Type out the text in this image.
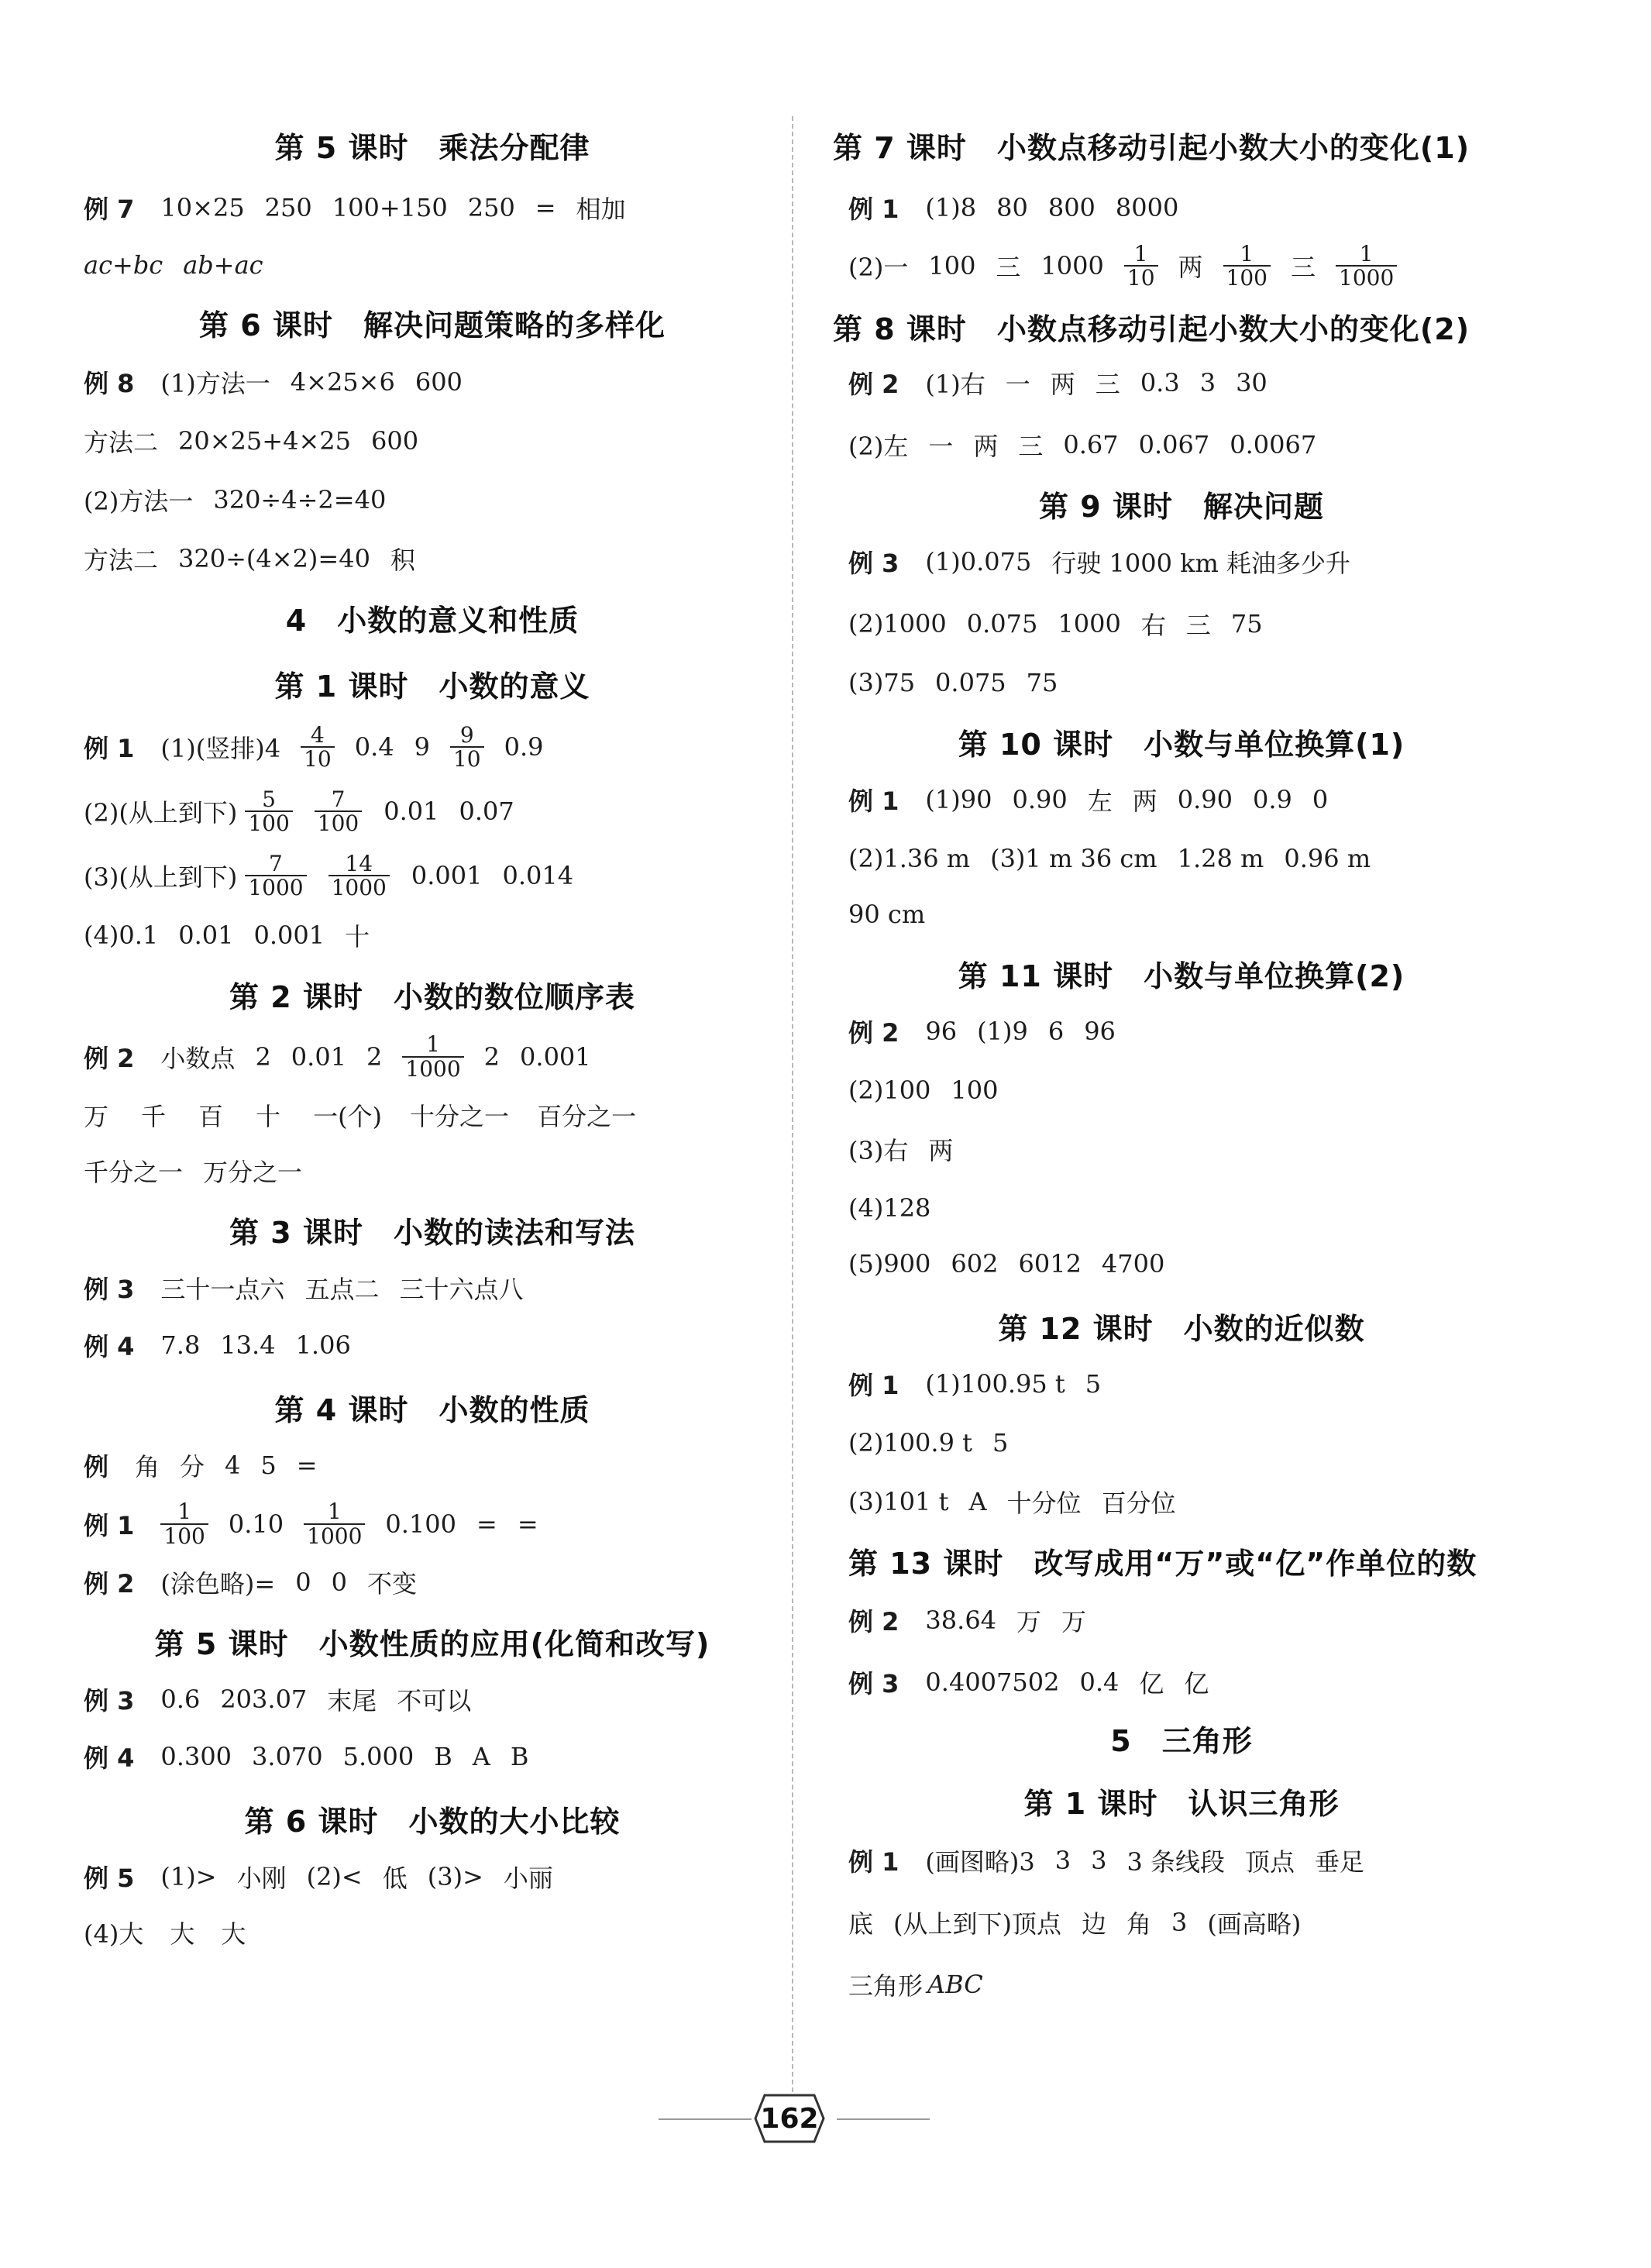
第 5 课时　乘法分配律

例 7 10×25 250 100+150 250 = 相加

ac+bc ab+ac

第 6 课时　解决问题策略的多样化

例 8 (1)方法一 4×25×6 600

方法二 20×25+4×25 600

(2)方法一 320÷4÷2=40

方法二 320÷(4×2)=40 积

4　小数的意义和性质

第 1 课时　小数的意义

例 1 (1)(竖排)4 4
10 0.4 9 9
10 0.9

(2)(从上到下) 5
100
7
100 0.01 0.07

(3)(从上到下) 7
1000
14
1000 0.001 0.014

(4)0.1 0.01 0.001 十

第 2 课时　小数的数位顺序表

例 2 小数点 2 0.01 2 1
1000 2 0.001

万 千 百 十 一(个) 十分之一 百分之一

千分之一 万分之一

第 3 课时　小数的读法和写法

例 3 三十一点六 五点二 三十六点八

例 4 7.8 13.4 1.06

第 4 课时　小数的性质

例 角 分 4 5 =

例 1 1
100 0.10 1
1000 0.100 = =

例 2 (涂色略)= 0 0 不变

第 5 课时　小数性质的应用(化简和改写)

例 3 0.6 203.07 末尾 不可以

例 4 0.300 3.070 5.000 B A B

第 6 课时　小数的大小比较

例 5 (1)> 小刚 (2)< 低 (3)> 小丽

(4)大 大 大

第 7 课时　小数点移动引起小数大小的变化(1)

例 1 (1)8 80 800 8000

(2)一 100 三 1000 1
10 两 1
100 三 1
1000

第 8 课时　小数点移动引起小数大小的变化(2)

例 2 (1)右 一 两 三 0.3 3 30

(2)左 一 两 三 0.67 0.067 0.0067

第 9 课时　解决问题

例 3 (1)0.075 行驶 1000 km 耗油多少升

(2)1000 0.075 1000 右 三 75

(3)75 0.075 75

第 10 课时　小数与单位换算(1)

例 1 (1)90 0.90 左 两 0.90 0.9 0

(2)1.36 m (3)1 m 36 cm 1.28 m 0.96 m

90 cm

第 11 课时　小数与单位换算(2)

例 2 96 (1)9 6 96

(2)100 100

(3)右 两

(4)128

(5)900 602 6012 4700

第 12 课时　小数的近似数

例 1 (1)100.95 t 5

(2)100.9 t 5

(3)101 t A 十分位 百分位

第 13 课时　改写成用“万”或“亿”作单位的数

例 2 38.64 万 万

例 3 0.4007502 0.4 亿 亿

5　三角形

第 1 课时　认识三角形

例 1 (画图略)3 3 3 3 条线段 顶点 垂足

底 (从上到下)顶点 边 角 3 (画高略)

三角形 ABC

162
